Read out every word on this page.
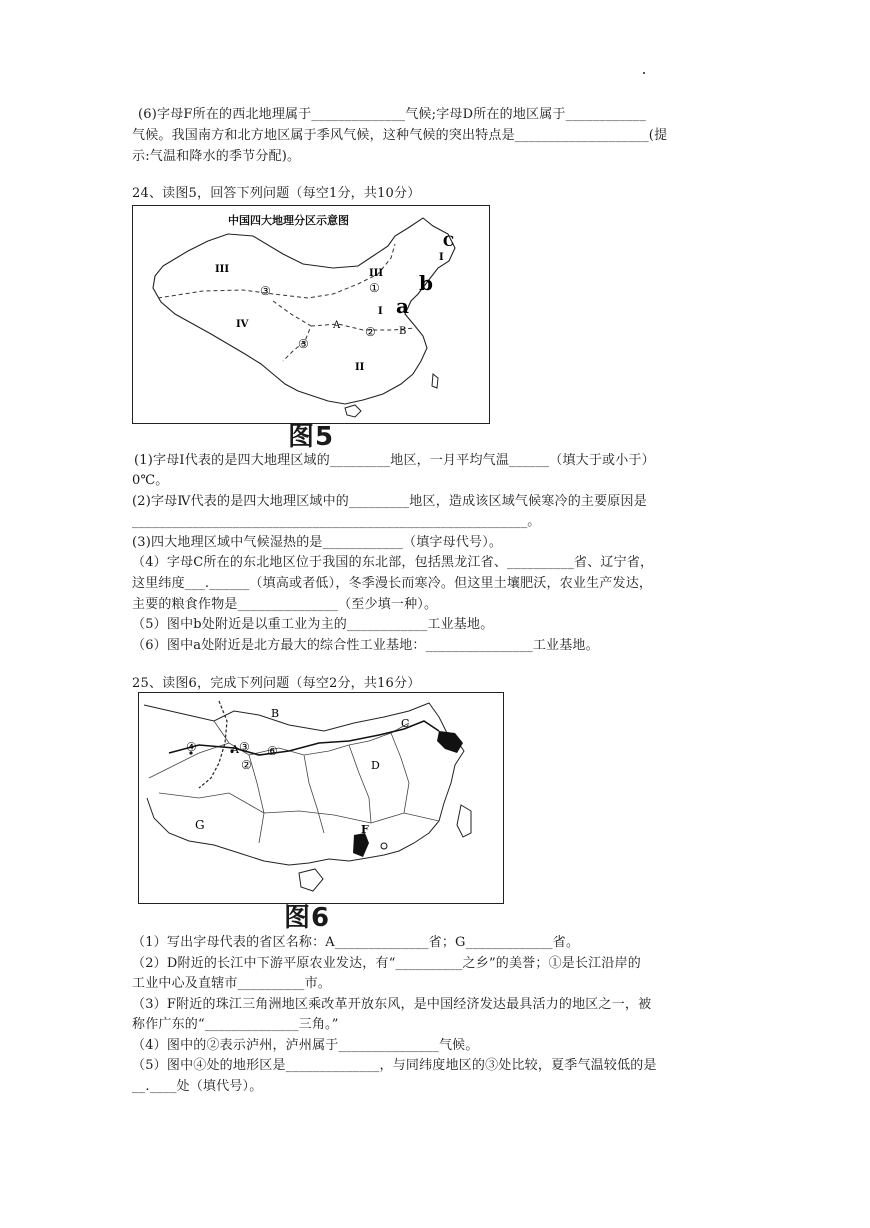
(6)字母F所在的西北地理属于______________气候;字母D所在的地区属于____________
气候。我国南方和北方地区属于季风气候，这种气候的突出特点是____________________(提
示:气温和降水的季节分配)。
24、读图5，回答下列问题（每空1分，共10分）
中国四大地理分区示意图
III	III
I
I
IV
II
A
B
C
a
b
①
②
③
③
图5
(1)字母Ⅰ代表的是四大地理区域的_________地区，一月平均气温______（填大于或小于）
0℃。
(2)字母Ⅳ代表的是四大地理区域中的_________地区，造成该区域气候寒冷的主要原因是
___________________________________________________________。
(3)四大地理区域中气候湿热的是____________（填字母代号）。
（4）字母C所在的东北地区位于我国的东北部，包括黑龙江省、__________省、辽宁省，
这里纬度___.______（填高或者低），冬季漫长而寒冷。但这里土壤肥沃，农业生产发达，
主要的粮食作物是_______________（至少填一种）。
（5）图中b处附近是以重工业为主的____________工业基地。
（6）图中a处附近是北方最大的综合性工业基地：________________工业基地。
25、读图6，完成下列问题（每空2分，共16分）
B
C
D
A
G	F
④	③
②
⑥
图6
（1）写出字母代表的省区名称：A______________省；G_____________省。
（2）D附近的长江中下游平原农业发达，有“__________之乡”的美誉；①是长江沿岸的
工业中心及直辖市__________市。
（3）F附近的珠江三角洲地区乘改革开放东风，是中国经济发达最具活力的地区之一，被
称作广东的“______________三角。”
（4）图中的②表示泸州，泸州属于_______________气候。
（5）图中④处的地形区是______________，与同纬度地区的③处比较，夏季气温较低的是
__.____处（填代号）。
